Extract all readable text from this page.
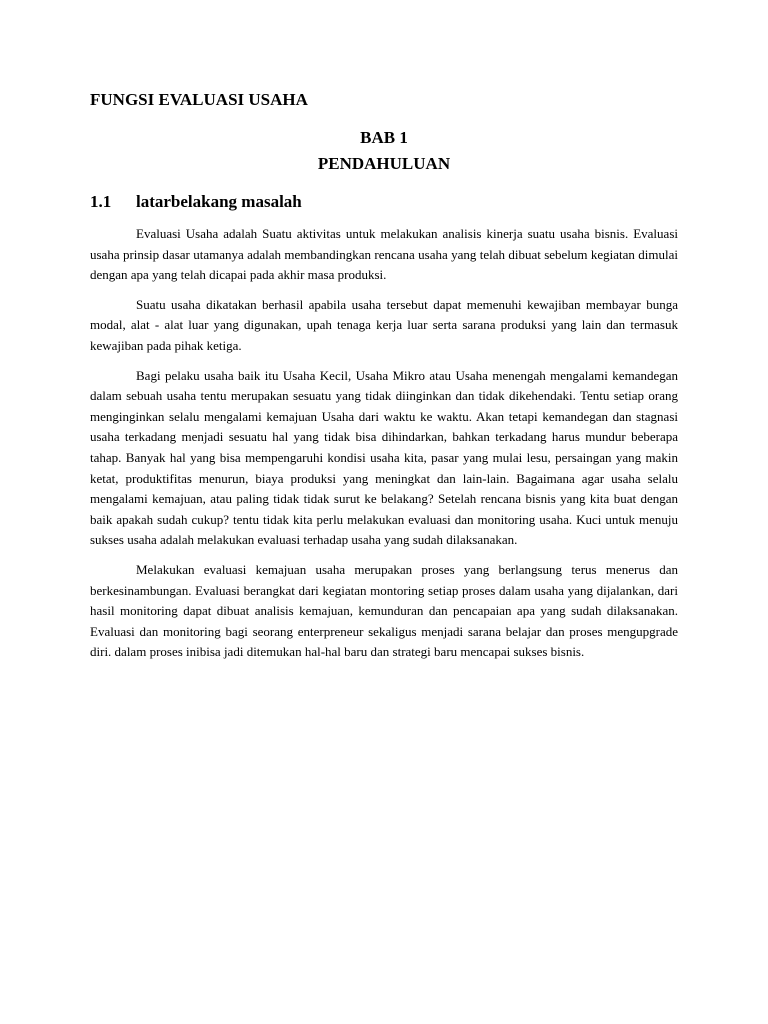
FUNGSI EVALUASI USAHA
BAB 1
PENDAHULUAN
1.1	latarbelakang masalah

Evaluasi Usaha adalah Suatu aktivitas untuk melakukan analisis kinerja suatu usaha bisnis. Evaluasi usaha prinsip dasar utamanya adalah membandingkan rencana usaha yang telah dibuat sebelum kegiatan dimulai dengan apa yang telah dicapai pada akhir masa produksi.

Suatu usaha dikatakan berhasil apabila usaha tersebut dapat memenuhi kewajiban membayar bunga modal, alat - alat luar yang digunakan, upah tenaga kerja luar serta sarana produksi yang lain dan termasuk kewajiban pada pihak ketiga.

Bagi pelaku usaha baik itu Usaha Kecil, Usaha Mikro atau Usaha menengah mengalami kemandegan dalam sebuah usaha tentu merupakan sesuatu yang tidak diinginkan dan tidak dikehendaki. Tentu setiap orang menginginkan selalu mengalami kemajuan Usaha dari waktu ke waktu. Akan tetapi kemandegan dan stagnasi usaha terkadang menjadi sesuatu hal yang tidak bisa dihindarkan, bahkan terkadang harus mundur beberapa tahap. Banyak hal yang bisa mempengaruhi kondisi usaha kita, pasar yang mulai lesu, persaingan yang makin ketat, produktifitas menurun, biaya produksi yang meningkat dan lain-lain. Bagaimana agar usaha selalu mengalami kemajuan, atau paling tidak tidak surut ke belakang? Setelah rencana bisnis yang kita buat dengan baik apakah sudah cukup? tentu tidak kita perlu melakukan evaluasi dan monitoring usaha. Kuci untuk menuju sukses usaha adalah melakukan evaluasi terhadap usaha yang sudah dilaksanakan.

Melakukan evaluasi kemajuan usaha merupakan proses yang berlangsung terus menerus dan berkesinambungan. Evaluasi berangkat dari kegiatan montoring setiap proses dalam usaha yang dijalankan, dari hasil monitoring dapat dibuat analisis kemajuan, kemunduran dan pencapaian apa yang sudah dilaksanakan. Evaluasi dan monitoring bagi seorang enterpreneur sekaligus menjadi sarana belajar dan proses mengupgrade diri. dalam proses inibisa jadi ditemukan hal-hal baru dan strategi baru mencapai sukses bisnis.
